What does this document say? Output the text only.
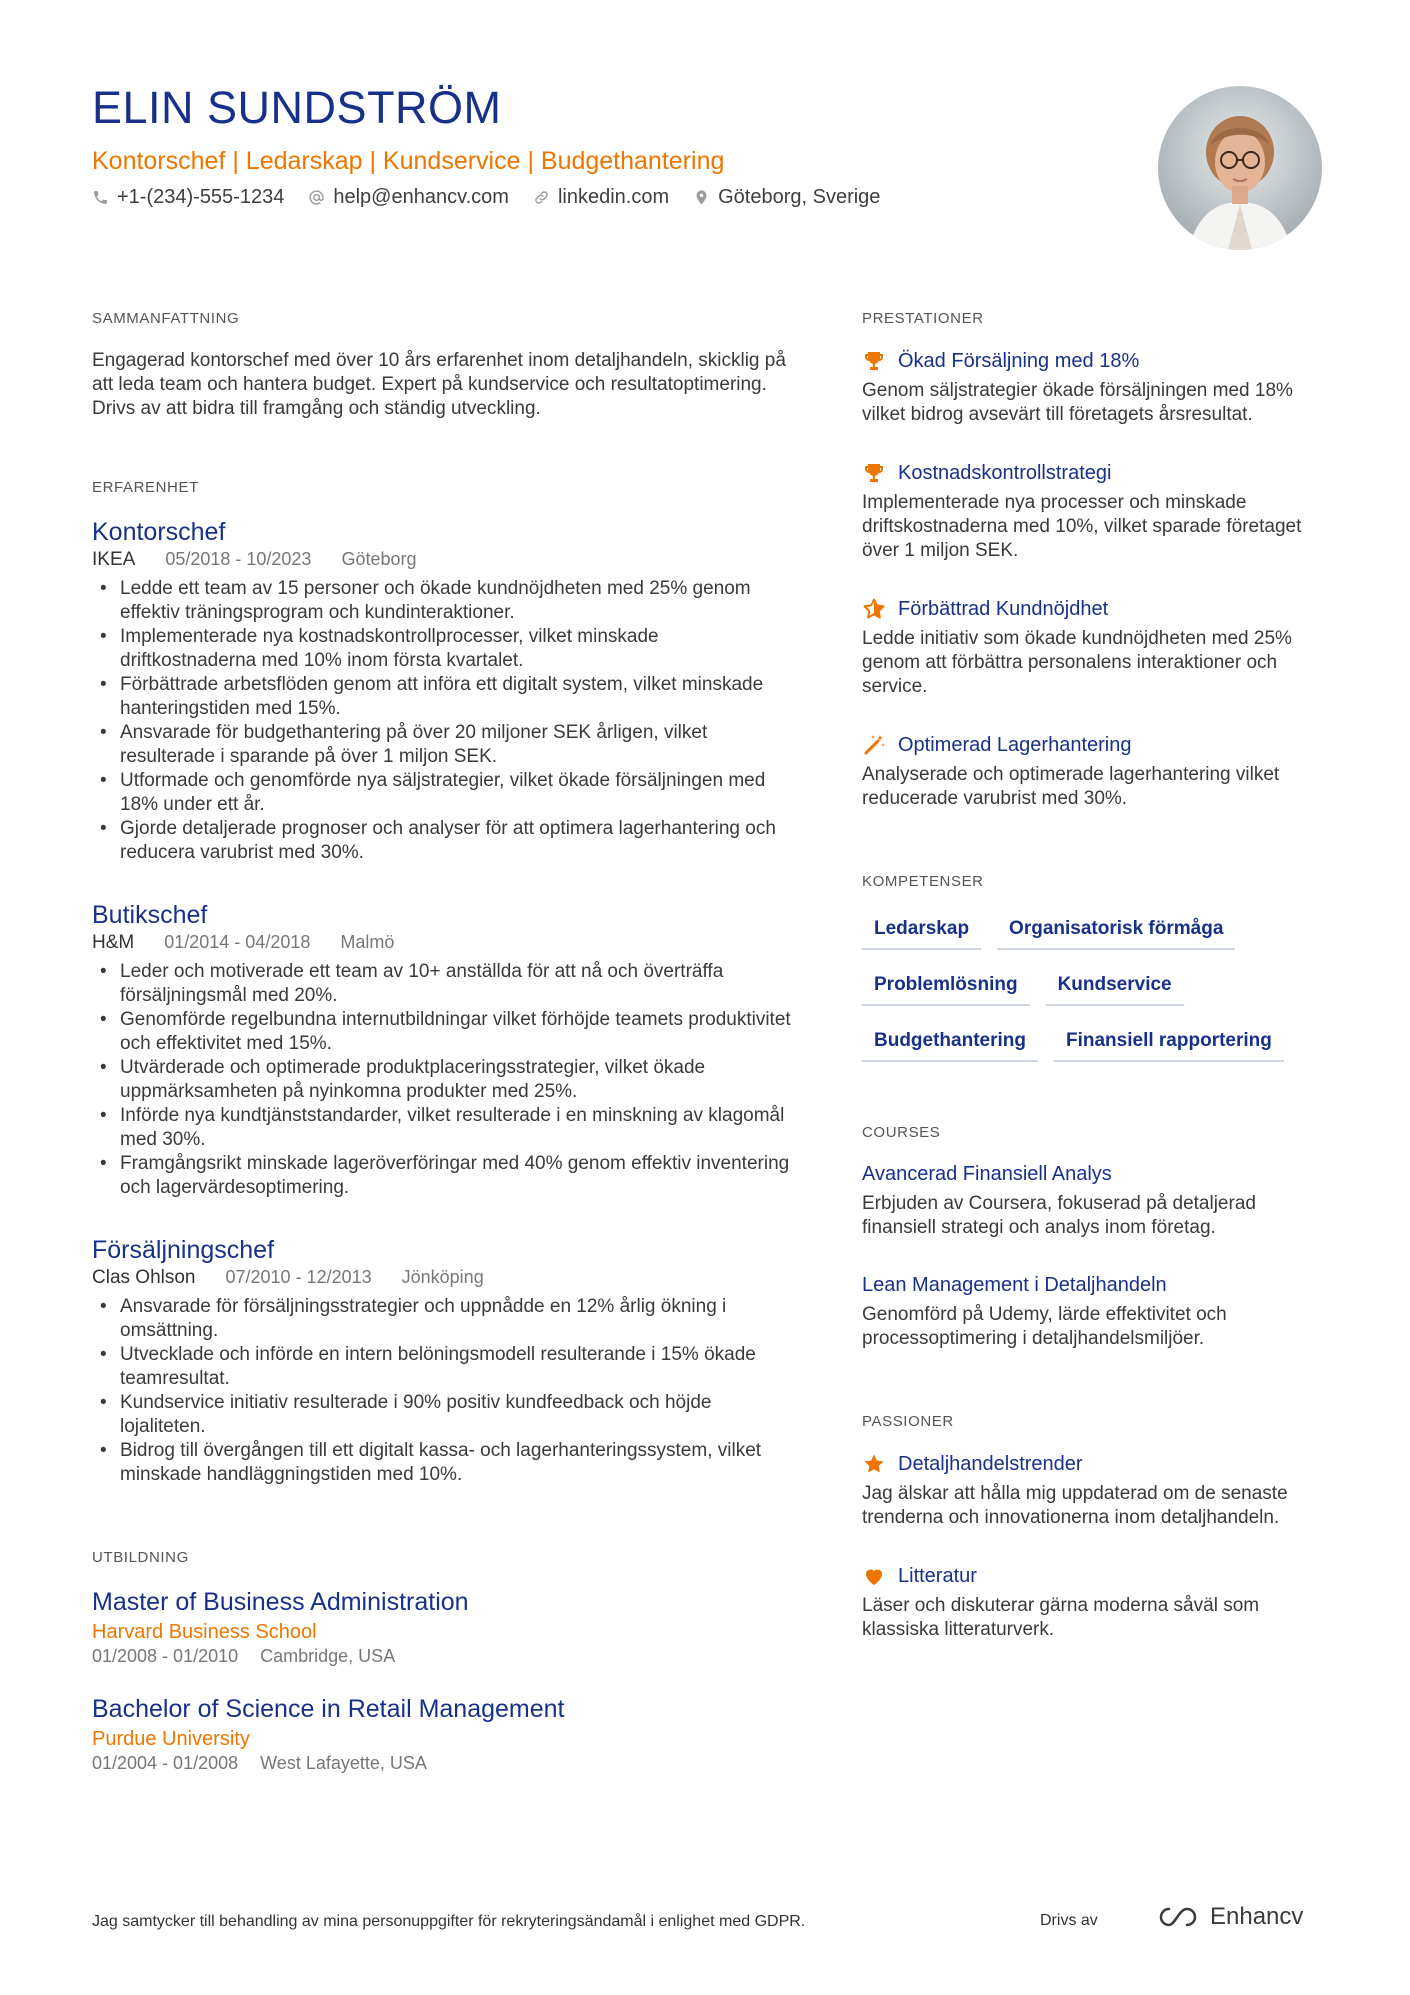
ELIN SUNDSTRÖM
Kontorschef | Ledarskap | Kundservice | Budgethantering
+1-(234)-555-1234 help@enhancv.com linkedin.com Göteborg, Sverige
SAMMANFATTNING

Engagerad kontorschef med över 10 års erfarenhet inom detaljhandeln, skicklig på att leda team och hantera budget. Expert på kundservice och resultatoptimering. Drivs av att bidra till framgång och ständig utveckling.

ERFARENHET
Kontorschef
IKEA 05/2018 - 10/2023 Göteborg
• Ledde ett team av 15 personer och ökade kundnöjdheten med 25% genom effektiv träningsprogram och kundinteraktioner.
• Implementerade nya kostnadskontrollprocesser, vilket minskade driftkostnaderna med 10% inom första kvartalet.
• Förbättrade arbetsflöden genom att införa ett digitalt system, vilket minskade hanteringstiden med 15%.
• Ansvarade för budgethantering på över 20 miljoner SEK årligen, vilket resulterade i sparande på över 1 miljon SEK.
• Utformade och genomförde nya säljstrategier, vilket ökade försäljningen med 18% under ett år.
• Gjorde detaljerade prognoser och analyser för att optimera lagerhantering och reducera varubrist med 30%.
Butikschef
H&M 01/2014 - 04/2018 Malmö
• Leder och motiverade ett team av 10+ anställda för att nå och överträffa försäljningsmål med 20%.
• Genomförde regelbundna internutbildningar vilket förhöjde teamets produktivitet och effektivitet med 15%.
• Utvärderade och optimerade produktplaceringsstrategier, vilket ökade uppmärksamheten på nyinkomna produkter med 25%.
• Införde nya kundtjänststandarder, vilket resulterade i en minskning av klagomål med 30%.
• Framgångsrikt minskade lageröverföringar med 40% genom effektiv inventering och lagervärdesoptimering.
Försäljningschef
Clas Ohlson 07/2010 - 12/2013 Jönköping
• Ansvarade för försäljningsstrategier och uppnådde en 12% årlig ökning i omsättning.
• Utvecklade och införde en intern belöningsmodell resulterande i 15% ökade teamresultat.
• Kundservice initiativ resulterade i 90% positiv kundfeedback och höjde lojaliteten.
• Bidrog till övergången till ett digitalt kassa- och lagerhanteringssystem, vilket minskade handläggningstiden med 10%.
UTBILDNING
Master of Business Administration
Harvard Business School
01/2008 - 01/2010 Cambridge, USA
Bachelor of Science in Retail Management
Purdue University
01/2004 - 01/2008 West Lafayette, USA
PRESTATIONER
Ökad Försäljning med 18%
Genom säljstrategier ökade försäljningen med 18% vilket bidrog avsevärt till företagets årsresultat.
Kostnadskontrollstrategi
Implementerade nya processer och minskade driftskostnaderna med 10%, vilket sparade företaget över 1 miljon SEK.
Förbättrad Kundnöjdhet
Ledde initiativ som ökade kundnöjdheten med 25% genom att förbättra personalens interaktioner och service.
Optimerad Lagerhantering
Analyserade och optimerade lagerhantering vilket reducerade varubrist med 30%.
KOMPETENSER
Ledarskap	Organisatorisk förmåga
Problemlösning	Kundservice
Budgethantering	Finansiell rapportering
COURSES
Avancerad Finansiell Analys
Erbjuden av Coursera, fokuserad på detaljerad finansiell strategi och analys inom företag.
Lean Management i Detaljhandeln
Genomförd på Udemy, lärde effektivitet och processoptimering i detaljhandelsmiljöer.
PASSIONER
Detaljhandelstrender
Jag älskar att hålla mig uppdaterad om de senaste trenderna och innovationerna inom detaljhandeln.
Litteratur
Läser och diskuterar gärna moderna såväl som klassiska litteraturverk.
Jag samtycker till behandling av mina personuppgifter för rekryteringsändamål i enlighet med GDPR.	Drivs av	Enhancv
